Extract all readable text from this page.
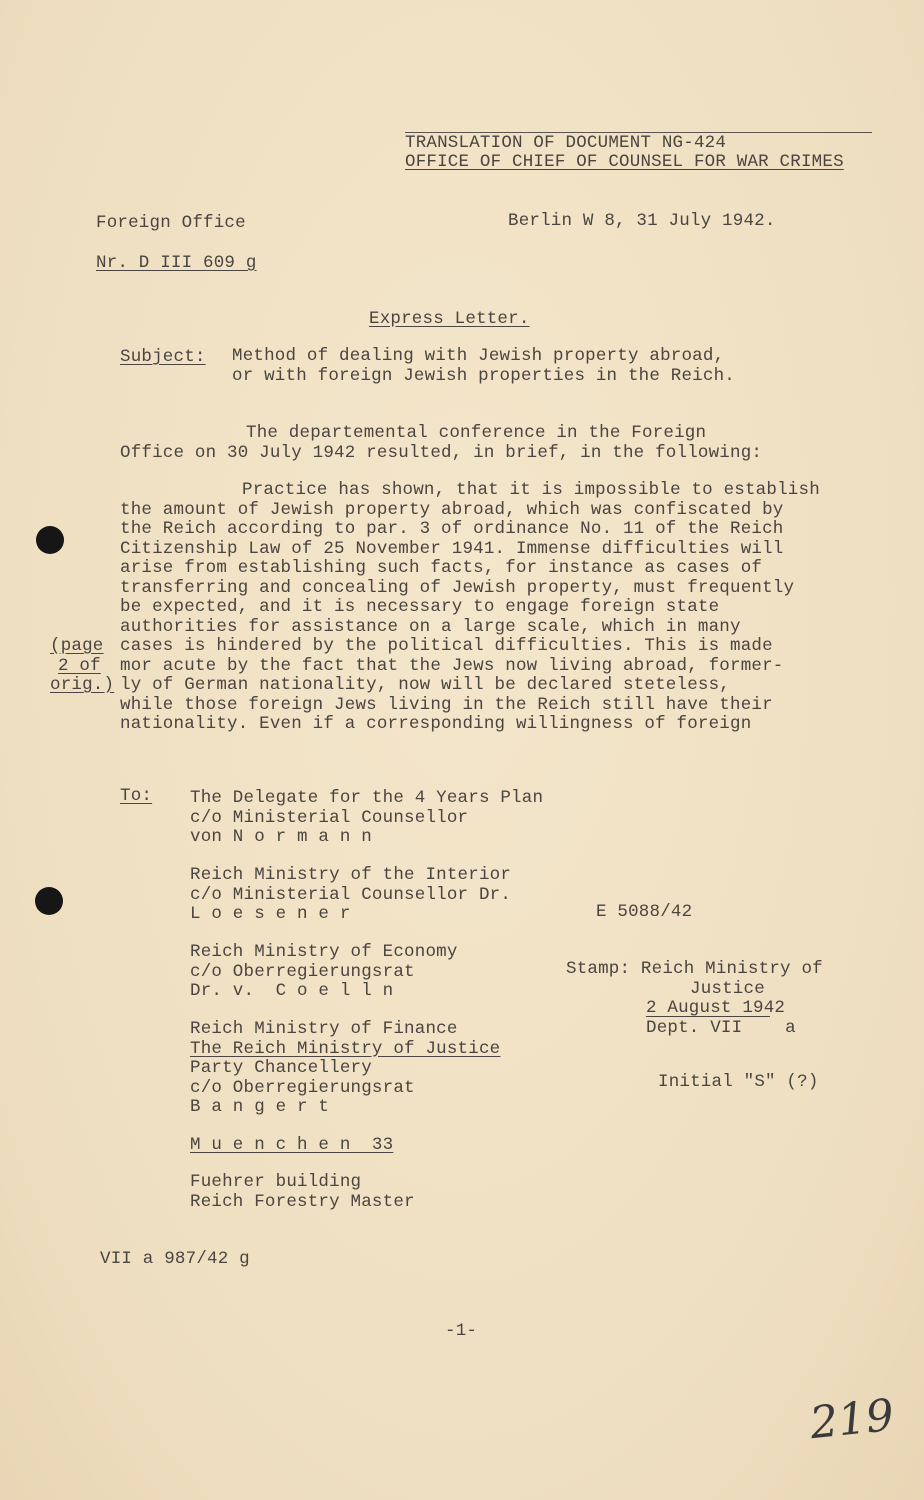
TRANSLATION OF DOCUMENT NG-424
OFFICE OF CHIEF OF COUNSEL FOR WAR CRIMES
Foreign Office	Berlin W 8, 31 July 1942.
Nr. D III 609 g
Express Letter.
Subject: Method of dealing with Jewish property abroad,
or with foreign Jewish properties in the Reich.
The departemental conference in the Foreign
Office on 30 July 1942 resulted, in brief, in the following:
Practice has shown, that it is impossible to establish
the amount of Jewish property abroad, which was confiscated by
the Reich according to par. 3 of ordinance No. 11 of the Reich
Citizenship Law of 25 November 1941. Immense difficulties will
arise from establishing such facts, for instance as cases of
transferring and concealing of Jewish property, must frequently
be expected, and it is necessary to engage foreign state
authorities for assistance on a large scale, which in many
cases is hindered by the political difficulties. This is made
mor acute by the fact that the Jews now living abroad, former-
ly of German nationality, now will be declared steteless,
while those foreign Jews living in the Reich still have their
nationality. Even if a corresponding willingness of foreign
(page
2 of
orig.)
To: The Delegate for the 4 Years Plan
c/o Ministerial Counsellor
von N o r m a n n
Reich Ministry of the Interior
c/o Ministerial Counsellor Dr.
L o e s e n e r
Reich Ministry of Economy
c/o Oberregierungsrat
Dr. v.  C o e l l n
Reich Ministry of Finance
The Reich Ministry of Justice
Party Chancellery
c/o Oberregierungsrat
B a n g e r t
M u e n c h e n  33
Fuehrer building
Reich Forestry Master
E 5088/42
Stamp: Reich Ministry of
Justice
2 August 1942
Dept. VII    a
Initial "S" (?)
VII a 987/42 g
-1-
219
